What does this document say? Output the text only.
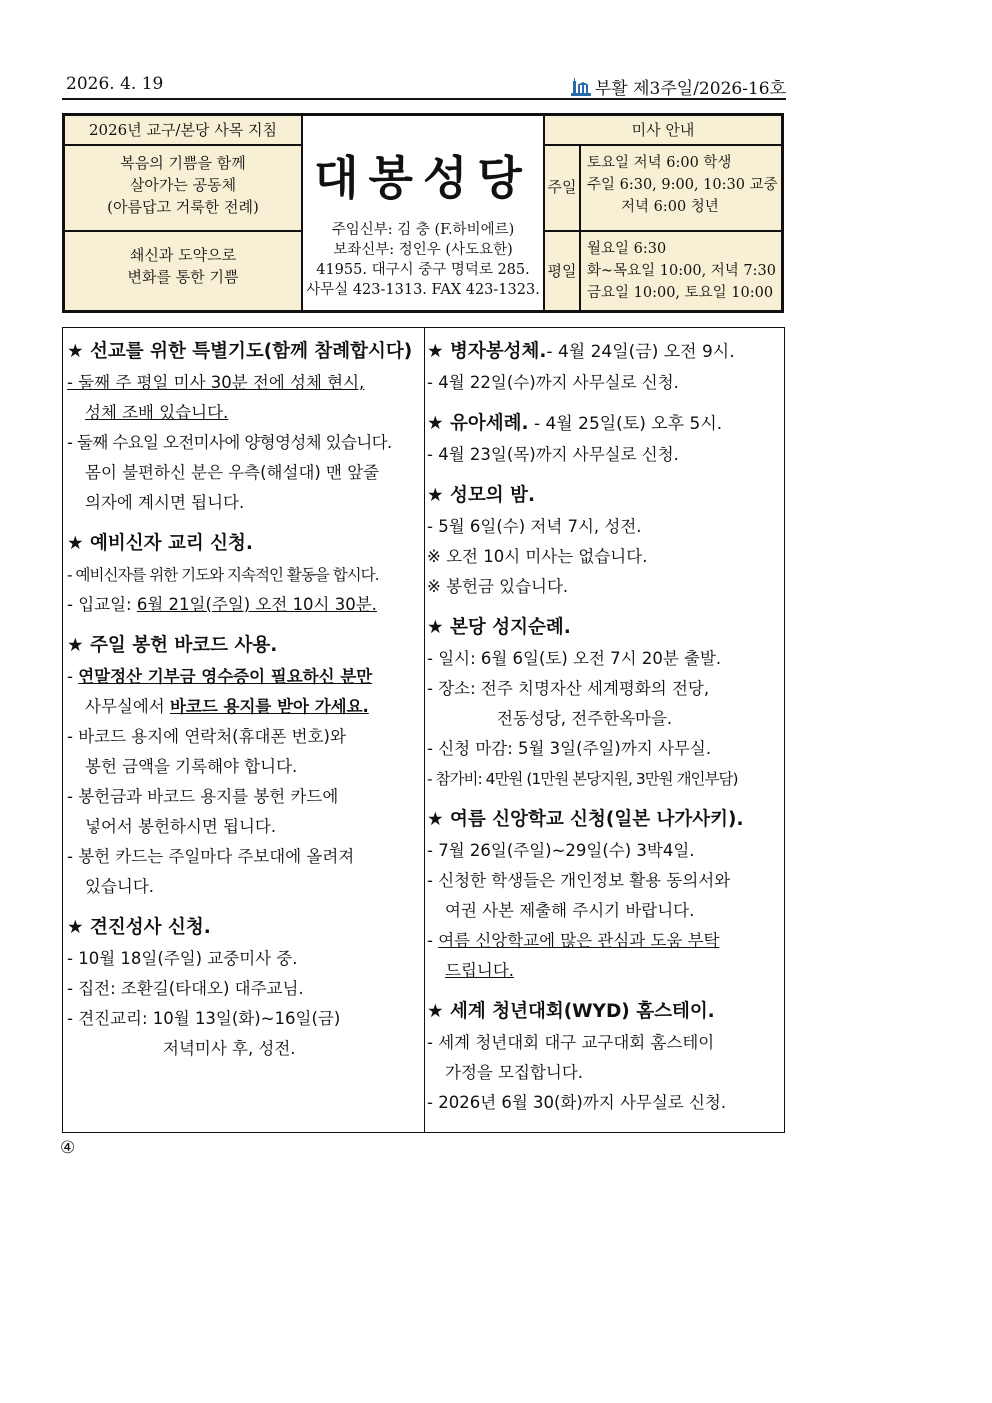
2026. 4. 19	부활 제3주일/2026-16호
2026년 교구/본당 사목 지침
복음의 기쁨을 함께
살아가는 공동체
(아름답고 거룩한 전례)
쇄신과 도약으로
변화를 통한 기쁨
대봉성당
주임신부: 김 충 (F.하비에르)
보좌신부: 정인우 (사도요한)
41955. 대구시 중구 명덕로 285.
사무실 423-1313. FAX 423-1323.
미사 안내
주일
토요일 저녁 6:00 학생
주일 6:30, 9:00, 10:30 교중
저녁 6:00 청년
평일
월요일 6:30
화~목요일 10:00, 저녁 7:30
금요일 10:00, 토요일 10:00
★ 선교를 위한 특별기도(함께 참례합시다)
- 둘째 주 평일 미사 30분 전에 성체 현시,
성체 조배 있습니다.
- 둘째 수요일 오전미사에 양형영성체 있습니다.
몸이 불편하신 분은 우측(해설대) 맨 앞줄
의자에 계시면 됩니다.
★ 예비신자 교리 신청.
- 예비신자를 위한 기도와 지속적인 활동을 합시다.
- 입교일: 6월 21일(주일) 오전 10시 30분.
★ 주일 봉헌 바코드 사용.
- 연말정산 기부금 영수증이 필요하신 분만
사무실에서 바코드 용지를 받아 가세요.
- 바코드 용지에 연락처(휴대폰 번호)와
봉헌 금액을 기록해야 합니다.
- 봉헌금과 바코드 용지를 봉헌 카드에
넣어서 봉헌하시면 됩니다.
- 봉헌 카드는 주일마다 주보대에 올려져
있습니다.
★ 견진성사 신청.
- 10월 18일(주일) 교중미사 중.
- 집전: 조환길(타대오) 대주교님.
- 견진교리: 10월 13일(화)~16일(금)
저녁미사 후, 성전.
★ 병자봉성체.- 4월 24일(금) 오전 9시.
- 4월 22일(수)까지 사무실로 신청.
★ 유아세례. - 4월 25일(토) 오후 5시.
- 4월 23일(목)까지 사무실로 신청.
★ 성모의 밤.
- 5월 6일(수) 저녁 7시, 성전.
※ 오전 10시 미사는 없습니다.
※ 봉헌금 있습니다.
★ 본당 성지순례.
- 일시: 6월 6일(토) 오전 7시 20분 출발.
- 장소: 전주 치명자산 세계평화의 전당,
전동성당, 전주한옥마을.
- 신청 마감: 5월 3일(주일)까지 사무실.
- 참가비: 4만원 (1만원 본당지원, 3만원 개인부담)
★ 여름 신앙학교 신청(일본 나가사키).
- 7월 26일(주일)~29일(수) 3박4일.
- 신청한 학생들은 개인정보 활용 동의서와
여권 사본 제출해 주시기 바랍니다.
- 여름 신앙학교에 많은 관심과 도움 부탁
드립니다.
★ 세계 청년대회(WYD) 홈스테이.
- 세계 청년대회 대구 교구대회 홈스테이
가정을 모집합니다.
- 2026년 6월 30(화)까지 사무실로 신청.
④
